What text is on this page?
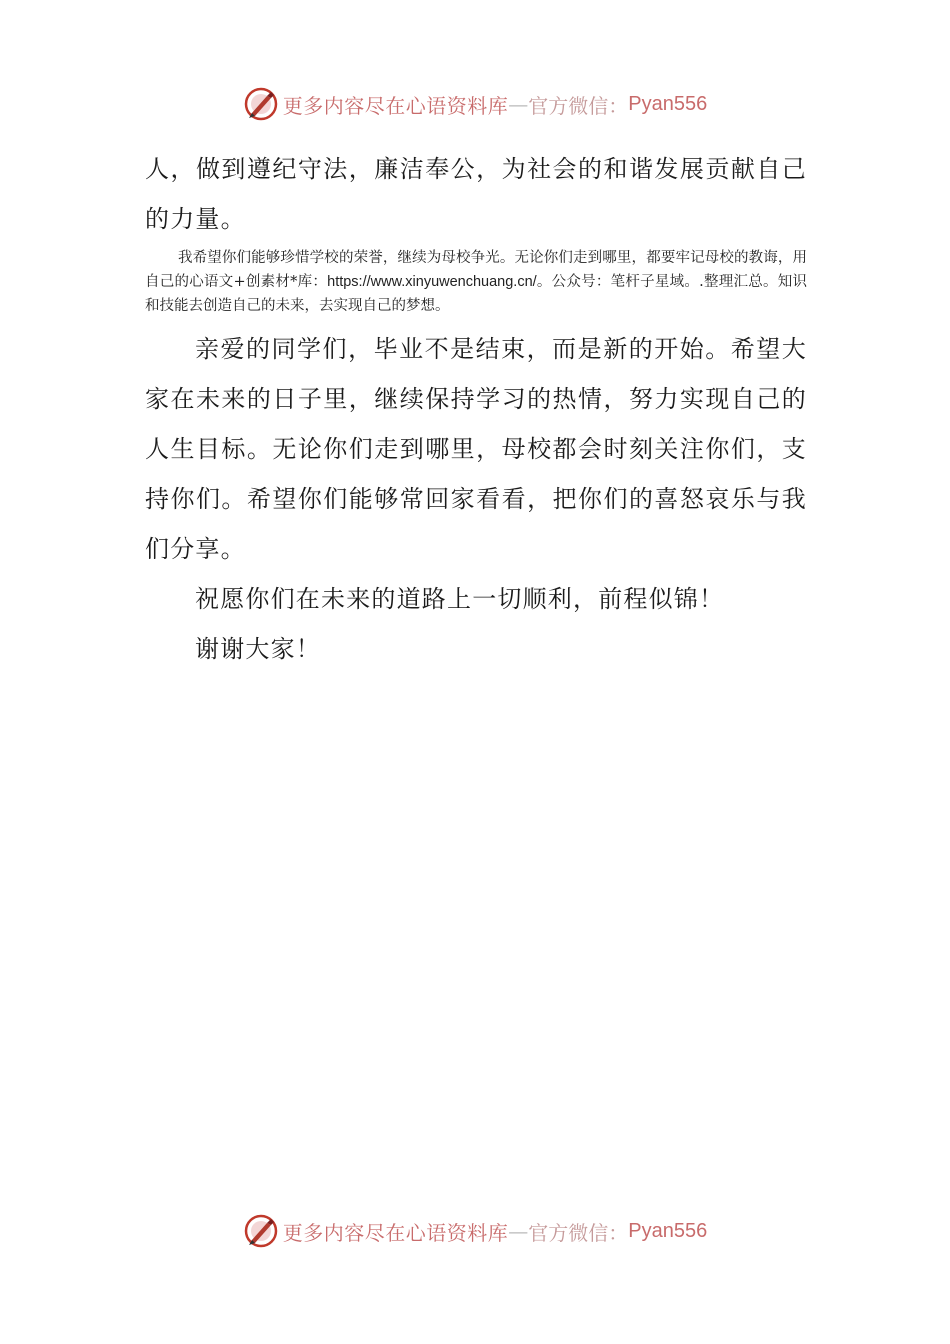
更多内容尽在心语资料库 — 官方微信： Pyan556

人，做到遵纪守法，廉洁奉公，为社会的和谐发展贡献自己的力量。

我希望你们能够珍惜学校的荣誉，继续为母校争光。无论你们走到哪里，都要牢记母校的教诲，用自己的心语文+创素材*库：https://www.xinyuwenchuang.cn/。公众号：笔杆子星域。.整理汇总。知识和技能去创造自己的未来，去实现自己的梦想。

亲爱的同学们，毕业不是结束，而是新的开始。希望大家在未来的日子里，继续保持学习的热情，努力实现自己的人生目标。无论你们走到哪里，母校都会时刻关注你们，支持你们。希望你们能够常回家看看，把你们的喜怒哀乐与我们分享。

祝愿你们在未来的道路上一切顺利，前程似锦！

谢谢大家！

更多内容尽在心语资料库 — 官方微信： Pyan556
